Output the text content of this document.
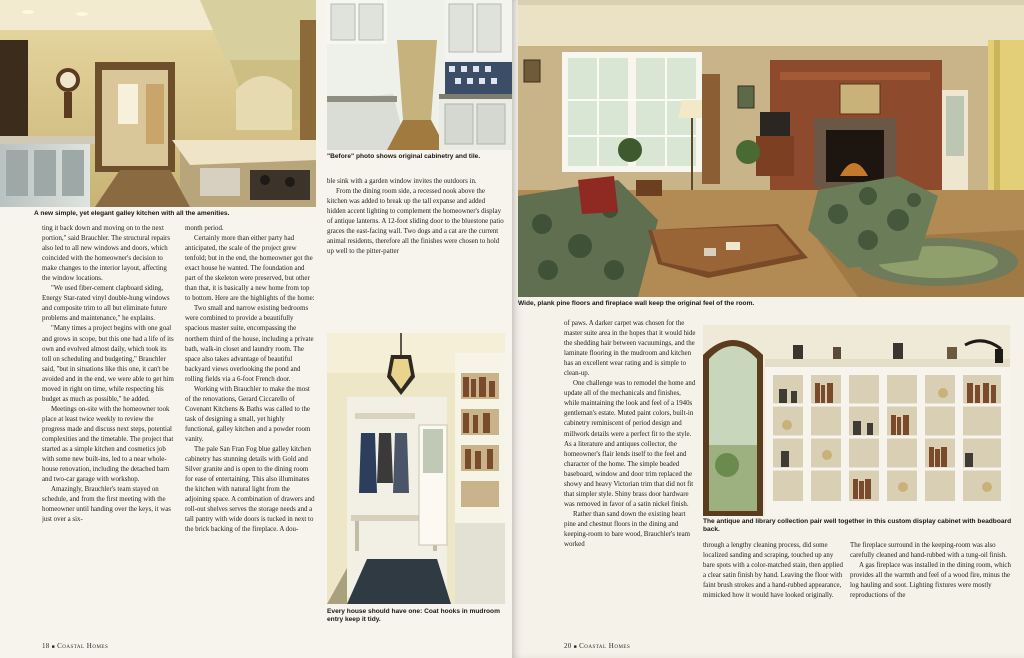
A new simple, yet elegant galley kitchen with all the amenities.
"Before" photo shows original cabinetry and tile.
Every house should have one: Coat hooks in mudroom entry keep it tidy.

ting it back down and moving on to the next portion," said Brauchler. The structural repairs also led to all new windows and doors, which coincided with the homeowner's decision to make changes to the interior layout, affecting the window locations.

"We used fiber-cement clapboard siding, Energy Star-rated vinyl double-hung windows and composite trim to all but eliminate future problems and maintenance," he explains.

"Many times a project begins with one goal and grows in scope, but this one had a life of its own and evolved almost daily, which took its toll on scheduling and budgeting," Brauchler said, "but in situations like this one, it can't be avoided and in the end, we were able to get him moved in right on time, while respecting his budget as much as possible," he added.

Meetings on-site with the homeowner took place at least twice weekly to review the progress made and discuss next steps, potential complexities and the timetable. The project that started as a simple kitchen and cosmetics job with some new built-ins, led to a near whole-house renovation, including the detached barn and two-car garage with workshop.

Amazingly, Brauchler's team stayed on schedule, and from the first meeting with the homeowner until handing over the keys, it was just over a six-

month period.

Certainly more than either party had anticipated, the scale of the project grew tenfold; but in the end, the homeowner got the exact house he wanted. The foundation and part of the skeleton were preserved, but other than that, it is basically a new home from top to bottom. Here are the highlights of the home:

Two small and narrow existing bedrooms were combined to provide a beautifully spacious master suite, encompassing the northern third of the house, including a private bath, walk-in closet and laundry room. The space also takes advantage of beautiful backyard views overlooking the pond and rolling fields via a 6-foot French door.

Working with Brauchler to make the most of the renovations, Gerard Ciccarello of Covenant Kitchens & Baths was called to the task of designing a small, yet highly functional, galley kitchen and a powder room vanity.

The pale San Fran Fog blue galley kitchen cabinetry has stunning details with Gold and Silver granite and is open to the dining room for ease of entertaining. This also illuminates the kitchen with natural light from the adjoining space. A combination of drawers and roll-out shelves serves the storage needs and a tall pantry with wide doors is tucked in next to the brick backing of the fireplace. A dou-

ble sink with a garden window invites the outdoors in.

From the dining room side, a recessed nook above the kitchen was added to break up the tall expanse and added hidden accent lighting to complement the homeowner's display of antique lanterns. A 12-foot sliding door to the bluestone patio graces the east-facing wall. Two dogs and a cat are the current animal residents, therefore all the finishes were chosen to hold up well to the pitter-patter

18 ■ Coastal Homes
Wide, plank pine floors and fireplace wall keep the original feel of the room.
The antique and library collection pair well together in this custom display cabinet with beadboard back.

of paws. A darker carpet was chosen for the master suite area in the hopes that it would hide the shedding hair between vacuumings, and the laminate flooring in the mudroom and kitchen has an excellent wear rating and is simple to clean-up.

One challenge was to remodel the home and update all of the mechanicals and finishes, while maintaining the look and feel of a 1940s gentleman's estate. Muted paint colors, built-in cabinetry reminiscent of period design and millwork details were a perfect fit to the style. As a literature and antiques collector, the homeowner's flair lends itself to the feel and character of the home. The simple beaded baseboard, window and door trim replaced the showy and heavy Victorian trim that did not fit that simpler style. Shiny brass door hardware was removed in favor of a satin nickel finish.

Rather than sand down the existing heart pine and chestnut floors in the dining and keeping-room to bare wood, Brauchler's team worked	through a lengthy cleaning process, did some localized sanding and scraping, touched up any bare spots with a color-matched stain, then applied a clear satin finish by hand. Leaving the floor with faint brush strokes and a hand-rubbed appearance, mimicked how it would have looked originally.

The fireplace surround in the keeping-room was also carefully cleaned and hand-rubbed with a tung-oil finish.

A gas fireplace was installed in the dining room, which provides all the warmth and feel of a wood fire, minus the log hauling and soot. Lighting fixtures were mostly reproductions of the

20 ■ Coastal Homes
